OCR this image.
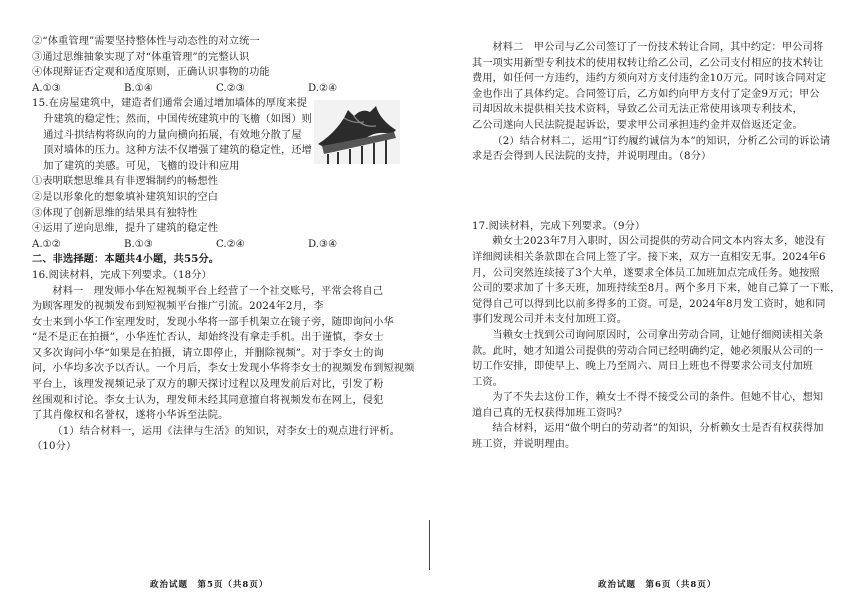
②“体重管理”需要坚持整体性与动态性的对立统一
③通过思维抽象实现了对“体重管理”的完整认识
④体现辩证否定观和适度原则，正确认识事物的功能
A.①③	B.①④	C.②③	D.②④
15.在房屋建筑中，建造者们通常会通过增加墙体的厚度来提
升建筑的稳定性；然而，中国传统建筑中的飞檐（如图）则
通过斗拱结构将纵向的力量向横向拓展，有效地分散了屋
顶对墙体的压力。这种方法不仅增强了建筑的稳定性，还增
加了建筑的美感。可见，飞檐的设计和应用
①表明联想思维具有非逻辑制约的畅想性
②是以形象化的想象填补建筑知识的空白
③体现了创新思维的结果具有独特性
④运用了逆向思维，提升了建筑的稳定性
A.①②	B.①③	C.②④	D.③④
二、非选择题：本题共4小题，共55分。
16.阅读材料，完成下列要求。（18分）
材料一　理发师小华在短视频平台上经营了一个社交账号，平常会将自己
为顾客理发的视频发布到短视频平台推广引流。2024年2月，李
女士来到小华工作室理发时，发现小华将一部手机架立在镜子旁，随即询问小华
“是不是正在拍摄”，小华连忙否认，却始终没有拿走手机。出于谨慎，李女士
又多次询问小华“如果是在拍摄，请立即停止，并删除视频”。对于李女士的询
问，小华均多次予以否认。一个月后，李女士发现小华将李女士的视频发布到短视频
平台上，该理发视频记录了双方的聊天探讨过程以及理发前后对比，引发了粉
丝围观和讨论。李女士认为，理发师未经其同意擅自将视频发布在网上，侵犯
了其肖像权和名誉权，遂将小华诉至法院。
（1）结合材料一，运用《法律与生活》的知识，对李女士的观点进行评析。
（10分）
政治试题　第5页（共8页）
材料二　甲公司与乙公司签订了一份技术转让合同，其中约定：甲公司将
其一项实用新型专利技术的使用权转让给乙公司，乙公司支付相应的技术转让
费用，如任何一方违约，违约方须向对方支付违约金10万元。同时该合同对定
金也作出了具体约定。合同签订后，乙方如约向甲方支付了定金9万元；甲公
司却因故未提供相关技术资料，导致乙公司无法正常使用该项专利技术，
乙公司遂向人民法院提起诉讼，要求甲公司承担违约金并双倍返还定金。
（2）结合材料二，运用“订约履约诚信为本”的知识，分析乙公司的诉讼请
求是否会得到人民法院的支持，并说明理由。（8分）
17.阅读材料，完成下列要求。（9分）
赖女士2023年7月入职时，因公司提供的劳动合同文本内容太多，她没有
详细阅读相关条款即在合同上签了字。接下来，双方一直相安无事。2024年6
月，公司突然连续接了3个大单，遂要求全体员工加班加点完成任务。她按照
公司的要求加了十多天班，加班持续至8月。两个多月下来，她自己算了一下账，
觉得自己可以得到比以前多得多的工资。可是，2024年8月发工资时，她和同
事们发现公司并未支付加班工资。
当赖女士找到公司询问原因时，公司拿出劳动合同，让她仔细阅读相关条
款。此时，她才知道公司提供的劳动合同已经明确约定，她必须服从公司的一
切工作安排，即使早上、晚上乃至周六、周日上班也不得要求公司支付加班
工资。
为了不失去这份工作，赖女士不得不接受公司的条件。但她不甘心，想知
道自己真的无权获得加班工资吗？
结合材料，运用“做个明白的劳动者”的知识，分析赖女士是否有权获得加
班工资，并说明理由。
政治试题　第6页（共8页）
